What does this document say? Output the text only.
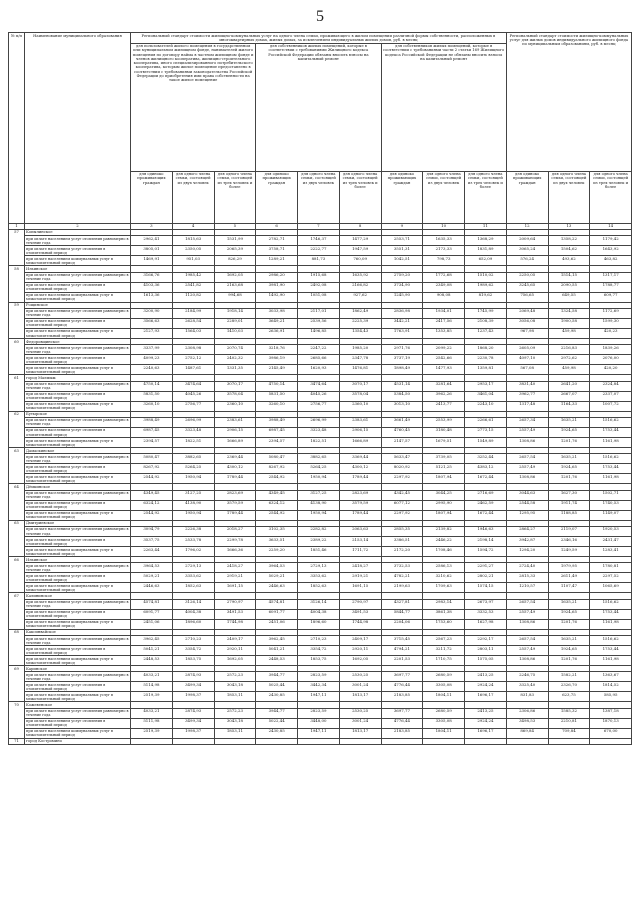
5
№ п/п	Наименование муниципального образования	Региональный стандарт стоимости жилищно-коммунальных услуг на одного члена семьи, проживающего в жилом помещении различной формы собственности, расположенных в многоквартирных домах, жилых домах, за исключением индивидуальных жилых домов, руб. в месяц									Региональный стандарт стоимости жилищно-коммунальных услуг для жилых домов индивидуального жилищного фонда по муниципальным образованиям, руб. в месяц		
		для пользователей жилого помещения в государственном или муниципальном жилищном фонде, нанимателей жилого помещения по договору найма в частном жилищном фонде и членов жилищного кооператива, жилищно-строительного кооператива, иного специализированного потребительского кооператива, которым жилое помещение предоставлено в соответствии с требованиями законодательства Российской Федерации до приобретения ими права собственности на такое жилое помещение			для собственников жилых помещений, которые в соответствии с требованиями Жилищного кодекса Российской Федерации обязаны вносить взносы на капитальный ремонт			для собственников жилых помещений, которые в соответствии с требованиями части 2 статьи 169 Жилищного кодекса Российской Федерации не обязаны вносить взносы на капитальный ремонт					
		для одиноко проживающих граждан	для одного члена семьи, состоящей из двух человек	для одного члена семьи, состоящей из трех человек и более	для одиноко проживающих граждан	для одного члена семьи, состоящей из двух человек	для одного члена семьи, состоящей из трех человек и более	для одиноко проживающих граждан	для одного члена семьи, состоящей из двух человек	для одного члена семьи, состоящей из трех человек и более	для одиноко проживающих граждан	для одного члена семьи, состоящей из двух человек	для одного члена семьи, состоящей из трех человек и более
1	2	3	4	5	6	7	8	9	10	11	12	13	14
57	Копылинское												
	при оплате населением услуг отопления равномерно в течение года	2962,41	1815,63	1531,99	2782,71	1746,37	1477,29	2553,71	1635,33	1368,29	2009,64	1358,22	1179,42
	при оплате населением услуг отопления в отопительный период	3805,01	2350,05	2065,39	3758,71	2222,77	1947,59	3551,31	2173,33	1831,89	3065,24	1504,62	1643,92
	при оплате населением коммунальных услуг в межотопительный период	1469,91	951,03	826,29	1289,21	881,73	760,09	1042,51	798,73	652,09	576,24	493,62	463,82
58	Ильинское												
	при оплате населением услуг отопления равномерно в течение года	3166,76	1985,42	1692,05	2986,20	1915,68	1635,92	2759,20	1772,68	1510,02	2250,05	1514,15	1317,17
	при оплате населением услуг отопления в отопительный период	4103,36	2541,82	2163,68	3981,90	2492,08	2166,82	3734,90	2349,08	1989,62	3245,65	2090,55	1788,77
	при оплате населением коммунальных услуг в межотопительный период	1613,36	1120,82	994,68	1492,90	1051,08	927,62	1245,90	908,08	819,62	756,65	649,55	609,77
59	Рощинское												
	при оплате населением услуг отопления равномерно в течение года	3200,90	2184,99	1918,14	3033,98	2117,01	1862,49	2836,98	1934,01	1745,99	2069,48	1324,58	1172,69
	при оплате населением услуг отопления в отопительный период	3566,63	2628,54	2289,01	3649,21	2539,56	2225,39	3442,21	2417,56	2108,39	3056,08	1900,58	1599,30
	при оплате населением коммунальных услуг в межотопительный период	2127,93	1564,03	1410,03	2636,91	1496,85	1354,43	1763,91	1353,85	1237,43	967,98	459,98	420,23
60	Федоровщинское												
	при оплате населением услуг отопления равномерно в течение года	3337,99	2308,98	2070,74	3218,76	2247,22	1985,20	2971,76	2099,22	1868,20	2605,09	2216,83	1839,26
	при оплате населением услуг отопления в отопительный период	4099,23	2752,12	2402,32	3986,19	2685,66	2347,78	3737,19	2542,66	2230,78	4097,10	2972,62	2076,00
	при оплате населением коммунальных услуг в межотопительный период	2240,63	1487,61	1331,35	2145,49	1620,93	1476,81	1898,49	1477,93	1359,81	567,08	459,98	420,20
61	город Малмыж												
	при оплате населением услуг отопления равномерно в течение года	4750,14	3474,64	3070,17	4750,14	3474,64	3070,17	4531,14	3281,64	2953,17	3831,40	2641,20	2324,84
	при оплате населением услуг отопления в отопительный период	5831,50	4045,26	3578,04	5831,50	4045,26	3578,04	5384,50	3962,26	3461,04	3962,77	2667,07	2337,07
	при оплате населением коммунальных услуг в межотопительный период	3260,10	2756,77	2360,10	3260,10	2756,77	2360,10	3013,10	2413,77	2243,10	1317,48	1164,33	1007,72
62	Бутырское												
	при оплате населением услуг отопления равномерно в течение года	3988,49	2696,99	2383,61	3988,49	2696,99	2383,61	3661,49	2553,99	2266,61	2657,34	1635,21	1516,62
	при оплате населением услуг отопления в отопительный период	6987,45	3323,48	2906,15	6987,45	3323,48	2906,15	4760,45	3180,48	2773,15	2557,49	1924,65	1753,44
	при оплате населением коммунальных услуг в межотопительный период	2394,57	1822,51	1666,89	2394,57	1822,51	1666,89	2147,57	1679,51	1549,89	1308,86	1201,76	1161,98
63	Дамаскинское												
	при оплате населением услуг отопления равномерно в течение года	5080,47	3882,65	2369,44	5080,47	3882,65	3369,44	5633,47	3739,05	3252,44	2657,54	1635,21	1516,62
	при оплате населением услуг отопления в отопительный период	8267,92	5264,25	4300,12	8267,92	5264,25	4300,12	8020,92	5121,25	4383,12	2557,49	1924,65	1753,44
	при оплате населением коммунальных услуг в межотопительный период	2544,92	1950,94	1789,44	2544,92	1950,94	1789,44	2297,92	1807,94	1672,44	1308,86	1201,76	1161,98
64	Дёмкинское												
	при оплате населением услуг отопления равномерно в течение года	4349,45	3127,25	2823,69	4349,45	3127,25	2823,69	4342,45	3044,25	2716,69	3044,63	1627,30	1502,71
	при оплате населением услуг отопления в отопительный период	6324,12	4138,90	3579,59	6324,12	4138,90	3579,59	6077,12	2995,90	2462,59	2544,58	1911,74	1740,53
	при оплате населением коммунальных услуг в межотопительный период	2544,92	1950,94	1789,44	2544,92	1950,94	1789,44	2297,92	1807,94	1672,44	1295,95	1188,85	1149,07
65	Дмитриевское												
	при оплате населением услуг отопления равномерно в течение года	3094,79	2226,38	2018,27	3102,35	2282,82	2063,63	2855,35	2139,82	1946,63	2864,27	2119,07	1920,53
	при оплате населением услуг отопления в отопительный период	3537,75	2533,78	2299,78	3633,51	2389,22	2153,14	3386,51	2446,22	2198,14	3942,87	2346,16	2431,47
	при оплате населением коммунальных услуг в межотопительный период	2263,44	1796,02	1666,36	2259,20	1851,46	1711,72	2172,20	1708,46	1594,72	1294,20	1249,59	1283,41
66	Ильинское												
	при оплате населением услуг отопления равномерно в течение года	3964,53	2729,13	2418,27	3964,53	2729,13	2418,27	3732,53	2586,13	2291,27	2724,40	1979,95	1780,81
	при оплате населением услуг отопления в отопительный период	5029,21	3353,62	2919,21	5029,21	3353,62	2919,21	4782,21	3210,62	2802,21	2815,33	2611,49	2297,52
	при оплате населением коммунальных услуг в межотопительный период	2446,63	1852,63	1691,15	2446,63	1852,63	1691,15	2199,63	1709,63	1574,15	1210,57	1107,47	1065,69
67	Калининское												
	при оплате населением услуг отопления равномерно в течение года	4574,81	3126,14	2790,97	4574,81	3126,14	2790,97	4327,81	2983,14	2673,97	2657,54	1635,21	1516,62
	при оплате населением услуг отопления в отопительный период	6091,77	4004,38	3491,53	6091,77	4004,38	3491,53	5844,77	3861,38	3332,53	2557,49	1924,65	1753,44
	при оплате населением коммунальных услуг в межотопительный период	2451,06	1896,60	1744,98	2451,06	1896,60	1744,98	2204,06	1753,60	1627,98	1308,86	1201,76	1161,98
68	Каксинвайское												
	при оплате населением услуг отопления равномерно в течение года	3962,45	2710,23	2409,17	3962,45	2710,23	2409,17	3715,45	2567,23	2292,17	2657,54	1635,21	1516,62
	при оплате населением услуг отопления в отопительный период	5041,21	3354,72	2920,11	5041,21	3354,72	2920,11	4794,21	3211,72	2803,11	2557,49	1924,65	1753,44
	при оплате населением коммунальных услуг в межотопительный период	2448,53	1853,75	1692,05	2448,53	1853,75	1692,05	2201,53	1710,75	1575,05	1308,86	1201,76	1161,98
69	Каринское												
	при оплате населением услуг отопления равномерно в течение года	4033,21	2874,93	2572,23	3944,77	2823,59	2530,25	3697,77	2680,59	2413,25	2246,75	1582,21	1363,67
	при оплате населением услуг отопления в отопительный период	5114,98	3499,34	3043,18	5025,44	3442,34	3001,24	4776,44	3305,08	2924,24	3325,40	2326,70	1814,52
	при оплате населением коммунальных услуг в межотопительный период	2519,39	1998,37	1853,11	2430,85	1947,11	1813,17	2183,85	1804,11	1696,17	831,83	623,75	585,95
70	Кожевенское												
	при оплате населением услуг отопления равномерно в течение года	4033,21	2874,93	2572,23	3944,77	2823,59	2530,25	3697,77	2680,59	2413,25	2306,86	1585,32	1387,18
	при оплате населением услуг отопления в отопительный период	5111,98	3499,34	3043,18	5022,44	3448,00	3001,24	4776,44	3305,08	2924,24	3498,53	2210,81	1870,13
	при оплате населением коммунальных услуг в межотопительный период	2519,39	1998,37	1853,11	2430,85	1947,11	1813,17	2183,85	1804,11	1696,17	869,84	709,84	670,00
71	город Костромино												
